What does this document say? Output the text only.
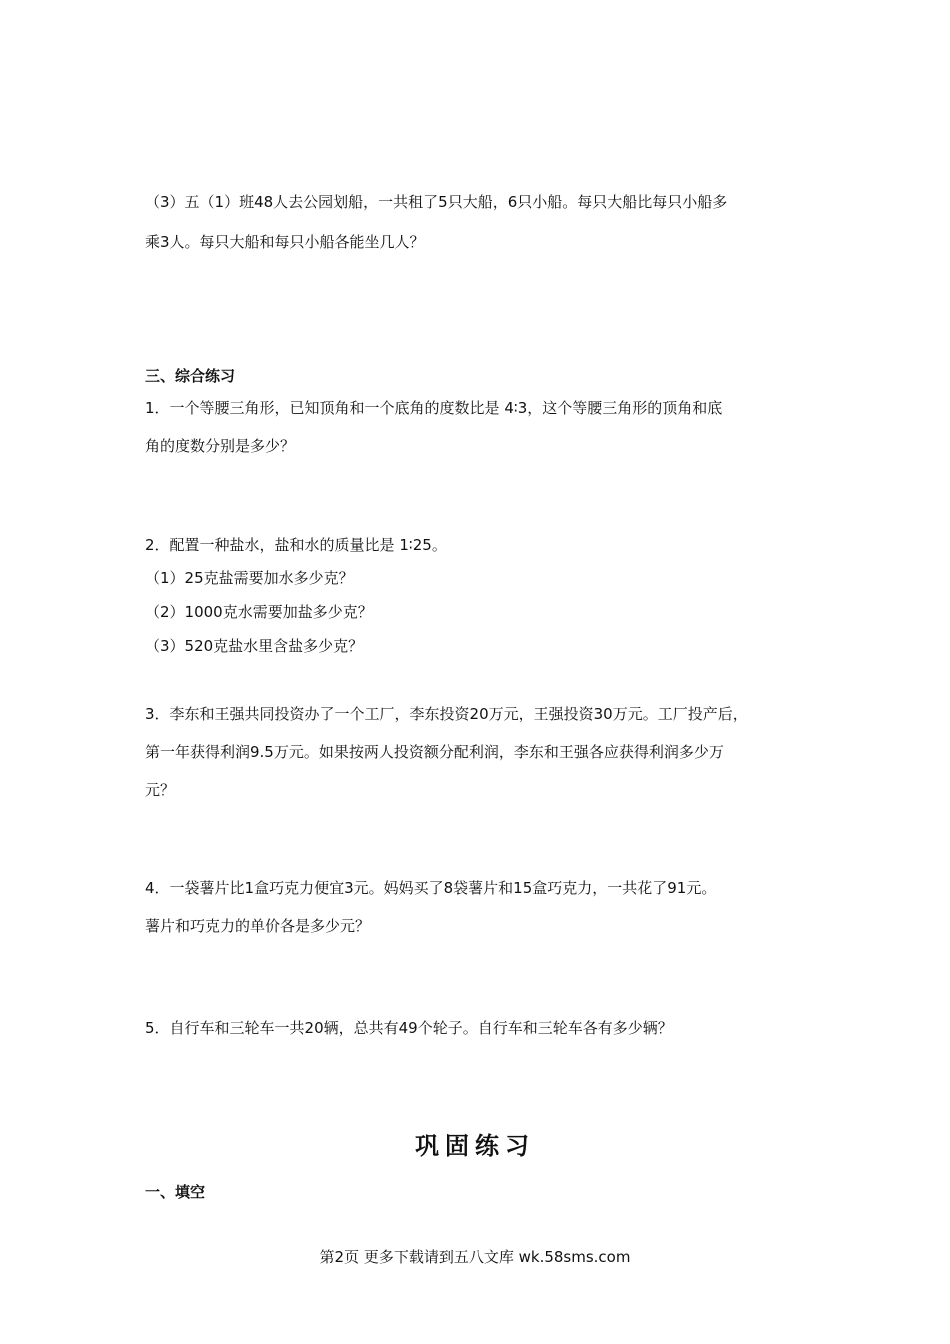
（3）五（1）班48人去公园划船，一共租了5只大船，6只小船。每只大船比每只小船多
乘3人。每只大船和每只小船各能坐几人？
三、综合练习
1．一个等腰三角形，已知顶角和一个底角的度数比是 4∶3，这个等腰三角形的顶角和底
角的度数分别是多少？
2．配置一种盐水，盐和水的质量比是 1∶25。
（1）25克盐需要加水多少克？
（2）1000克水需要加盐多少克？
（3）520克盐水里含盐多少克？
3．李东和王强共同投资办了一个工厂，李东投资20万元，王强投资30万元。工厂投产后，
第一年获得利润9.5万元。如果按两人投资额分配利润，李东和王强各应获得利润多少万
元？
4．一袋薯片比1盒巧克力便宜3元。妈妈买了8袋薯片和15盒巧克力，一共花了91元。
薯片和巧克力的单价各是多少元？
5．自行车和三轮车一共20辆，总共有49个轮子。自行车和三轮车各有多少辆？
巩固练习
一、填空
第2页 更多下载请到五八文库 wk.58sms.com
